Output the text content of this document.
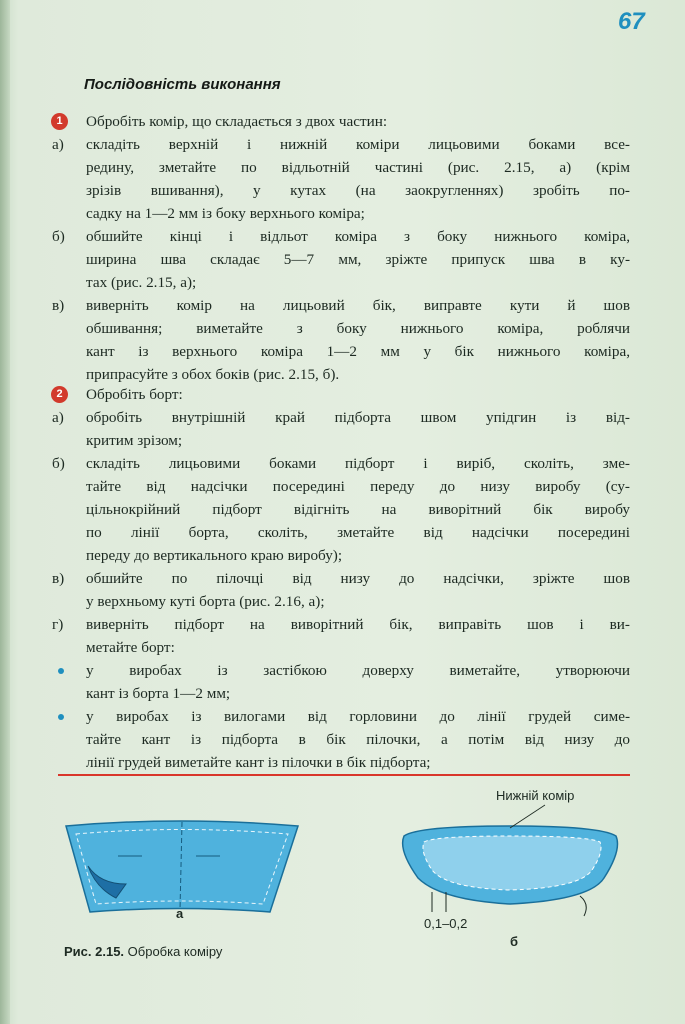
67
Послідовність виконання
1	Обробіть комір, що складається з двох частин:
а)	складіть верхній і нижній коміри лицьовими боками все-
редину, зметайте по відльотній частині (рис. 2.15, а) (крім
зрізів вшивання), у кутах (на заокругленнях) зробіть по-
садку на 1—2 мм із боку верхнього коміра;
б)	обшийте кінці і відльот коміра з боку нижнього коміра,
ширина шва складає 5—7 мм, зріжте припуск шва в ку-
тах (рис. 2.15, а);
в)	виверніть комір на лицьовий бік, виправте кути й шов
обшивання; виметайте з боку нижнього коміра, роблячи
кант із верхнього коміра 1—2 мм у бік нижнього коміра,
припрасуйте з обох боків (рис. 2.15, б).
2	Обробіть борт:
а)	обробіть внутрішній край підборта швом упідгин із від-
критим зрізом;
б)	складіть лицьовими боками підборт і виріб, сколіть, зме-
тайте від надсічки посередині переду до низу виробу (су-
цільнокрійний підборт відігніть на виворітний бік виробу
по лінії борта, сколіть, зметайте від надсічки посередині
переду до вертикального краю виробу);
в)	обшийте по пілочці від низу до надсічки, зріжте шов
у верхньому куті борта (рис. 2.16, а);
г)	виверніть підборт на виворітний бік, виправіть шов і ви-
метайте борт:
у виробах із застібкою доверху виметайте, утворюючи
кант із борта 1—2 мм;
у виробах із вилогами від горловини до лінії грудей симе-
тайте кант із підборта в бік пілочки, а потім від низу до
лінії грудей виметайте кант із пілочки в бік підборта;
Нижній комір
а
0,1–0,2
б
Рис. 2.15. Обробка коміру
